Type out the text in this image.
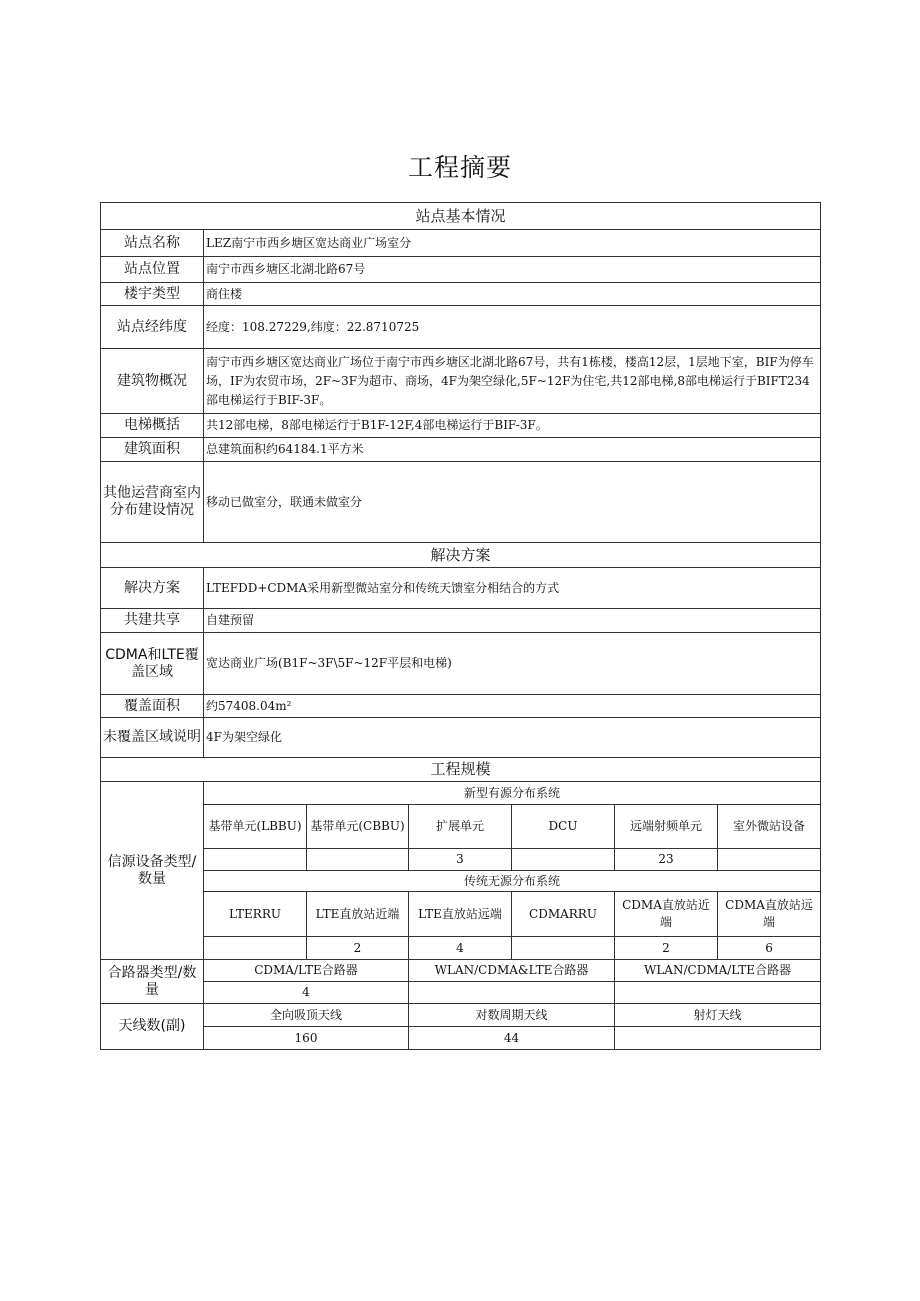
工程摘要
站点基本情况						
站点名称	LEZ南宁市西乡塘区宽达商业广场室分					
站点位置	南宁市西乡塘区北湖北路67号					
楼宇类型	商住楼					
站点经纬度	经度：108.27229,纬度：22.8710725					
建筑物概况	南宁市西乡塘区宽达商业广场位于南宁市西乡塘区北湖北路67号，共有1栋楼，楼高12层，1层地下室，BIF为停车场，IF为农贸市场，2F~3F为超市、商场，4F为架空绿化,5F~12F为住宅,共12部电梯,8部电梯运行于BIFT234部电梯运行于BIF-3F。					
电梯概括	共12部电梯，8部电梯运行于B1F-12F,4部电梯运行于BIF-3F。					
建筑面积	总建筑面积约64184.1平方米					
其他运营商室内分布建设情况	移动已做室分，联通未做室分					
解决方案						
解决方案	LTEFDD+CDMA采用新型微站室分和传统天馈室分相结合的方式					
共建共享	自建预留					
CDMA和LTE覆盖区域	宽达商业广场(B1F~3F\5F~12F平层和电梯)					
覆盖面积	约57408.04m²					
未覆盖区域说明	4F为架空绿化					
工程规模						
信源设备类型/数量	新型有源分布系统					
	基带单元(LBBU)	基带单元(CBBU)	扩展单元	DCU	远端射频单元	室外微站设备
			3		23	
	传统无源分布系统					
	LTERRU	LTE直放站近端	LTE直放站远端	CDMARRU	CDMA直放站近端	CDMA直放站远端
		2	4		2	6
合路器类型/数量	CDMA/LTE合路器		WLAN/CDMA&LTE合路器		WLAN/CDMA/LTE合路器	
	4					
天线数(副)	全向吸顶天线		对数周期天线		射灯天线	
	160		44			
